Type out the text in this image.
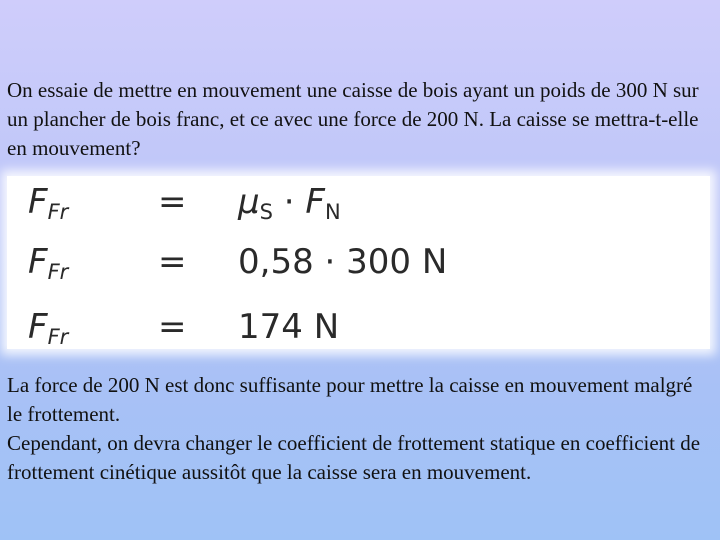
On essaie de mettre en mouvement une caisse de bois ayant un poids de 300 N sur un plancher de bois franc, et ce avec une force de 200 N. La caisse se mettra-t-elle en mouvement?

$F_{Fr}$	= $\mu_S \cdot F_N$
$F_{Fr}$	= 0,58 · 300 N
$F_{Fr}$	= 174 N

La force de 200 N est donc suffisante pour mettre la caisse en mouvement malgré le frottement.

Cependant, on devra changer le coefficient de frottement statique en coefficient de frottement cinétique aussitôt que la caisse sera en mouvement.
